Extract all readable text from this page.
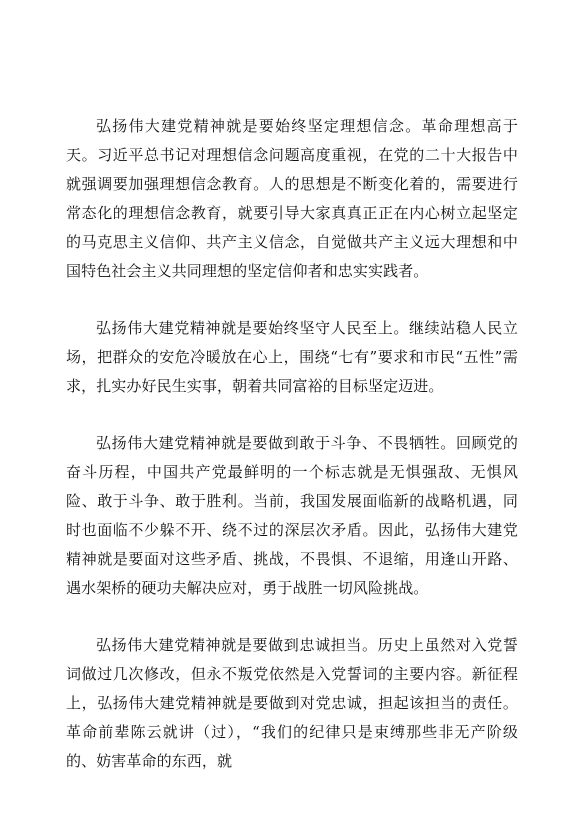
弘扬伟大建党精神就是要始终坚定理想信念。革命理想高于天。习近平总书记对理想信念问题高度重视，在党的二十大报告中就强调要加强理想信念教育。人的思想是不断变化着的，需要进行常态化的理想信念教育，就要引导大家真真正正在内心树立起坚定的马克思主义信仰、共产主义信念，自觉做共产主义远大理想和中国特色社会主义共同理想的坚定信仰者和忠实实践者。

弘扬伟大建党精神就是要始终坚守人民至上。继续站稳人民立场，把群众的安危冷暖放在心上，围绕“七有”要求和市民“五性”需求，扎实办好民生实事，朝着共同富裕的目标坚定迈进。

弘扬伟大建党精神就是要做到敢于斗争、不畏牺牲。回顾党的奋斗历程，中国共产党最鲜明的一个标志就是无惧强敌、无惧风险、敢于斗争、敢于胜利。当前，我国发展面临新的战略机遇，同时也面临不少躲不开、绕不过的深层次矛盾。因此，弘扬伟大建党精神就是要面对这些矛盾、挑战，不畏惧、不退缩，用逢山开路、遇水架桥的硬功夫解决应对，勇于战胜一切风险挑战。

弘扬伟大建党精神就是要做到忠诚担当。历史上虽然对入党誓词做过几次修改，但永不叛党依然是入党誓词的主要内容。新征程上，弘扬伟大建党精神就是要做到对党忠诚，担起该担当的责任。革命前辈陈云就讲（过），“我们的纪律只是束缚那些非无产阶级的、妨害革命的东西，就
